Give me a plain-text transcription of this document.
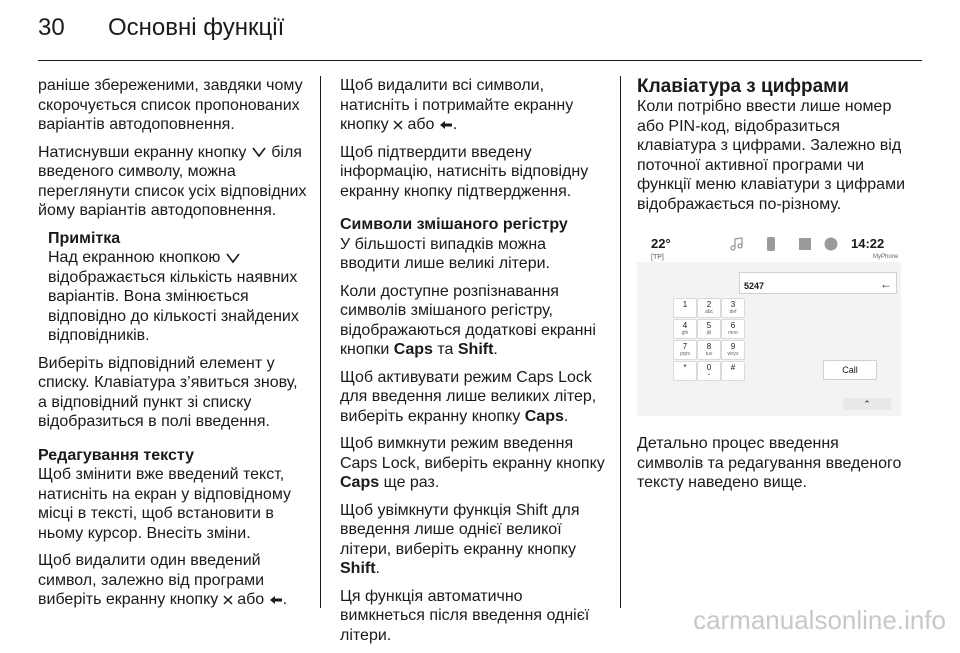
30 Основні функції

раніше збереженими, завдяки чому скорочується список пропонованих варіантів автодоповнення.

Натиснувши екранну кнопку біля введеного символу, можна переглянути список усіх відповідних йому варіантів автодоповнення.

Примітка
Над екранною кнопкою  відображається кількість наявних варіантів. Вона змінюється відповідно до кількості знайдених відповідників.

Виберіть відповідний елемент у списку. Клавіатура з’явиться знову, а відповідний пункт зі списку відобразиться в полі введення.

Редагування тексту

Щоб змінити вже введений текст, натисніть на екран у відповідному місці в тексті, щоб встановити в ньому курсор. Внесіть зміни.

Щоб видалити один введений символ, залежно від програми виберіть екранну кнопку або .

Щоб видалити всі символи, натисніть і потримайте екранну кнопку або .

Щоб підтвердити введену інформацію, натисніть відповідну екранну кнопку підтвердження.

Символи змішаного регістру

У більшості випадків можна вводити лише великі літери.

Коли доступне розпізнавання символів змішаного регістру, відображаються додаткові екранні кнопки Caps та Shift.

Щоб активувати режим Caps Lock для введення лише великих літер, виберіть екранну кнопку Caps.

Щоб вимкнути режим введення Caps Lock, виберіть екранну кнопку Caps ще раз.

Щоб увімкнути функція Shift для введення лише однієї великої літери, виберіть екранну кнопку Shift.

Ця функція автоматично вимкнеться після введення однієї літери.

Клавіатура з цифрами

Коли потрібно ввести лише номер або PIN-код, відобразиться клавіатура з цифрами. Залежно від поточної активної програми чи функції меню клавіатури з цифрами відображається по-різному.

22°
[TP]
14:22
MyPhone
5247	←
1	2
abc
3
def
4
ghi
5
jkl
6
mno
7
pqrs
8
tuv
9
wxyz
*	0
+
#	Call
⌃

Детально процес введення символів та редагування введеного тексту наведено вище.

carmanualsonline.info
